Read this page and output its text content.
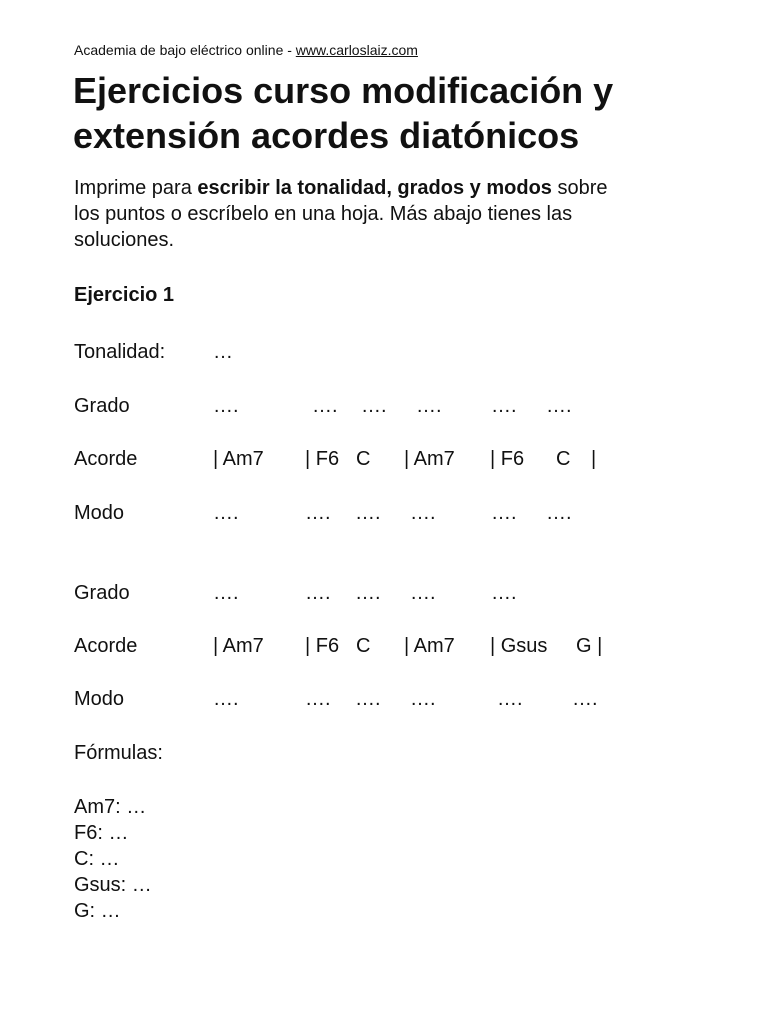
Academia de bajo eléctrico online - www.carloslaiz.com
Ejercicios curso modificación y
extensión acordes diatónicos
Imprime para escribir la tonalidad, grados y modos sobre
los puntos o escríbelo en una hoja. Más abajo tienes las
soluciones.
Ejercicio 1
Tonalidad: …
Grado	….	…. …. …. …. ….
Acorde	| Am7 | F6 C | Am7 | F6 C |
Modo	….	…. …. ….	…. ….
Grado	….	…. …. ….	….
Acorde	| Am7 | F6 C | Am7 | Gsus G |
Modo	….	…. …. ….	…. ….
Fórmulas:
Am7: …
F6: …
C: …
Gsus: …
G: …
